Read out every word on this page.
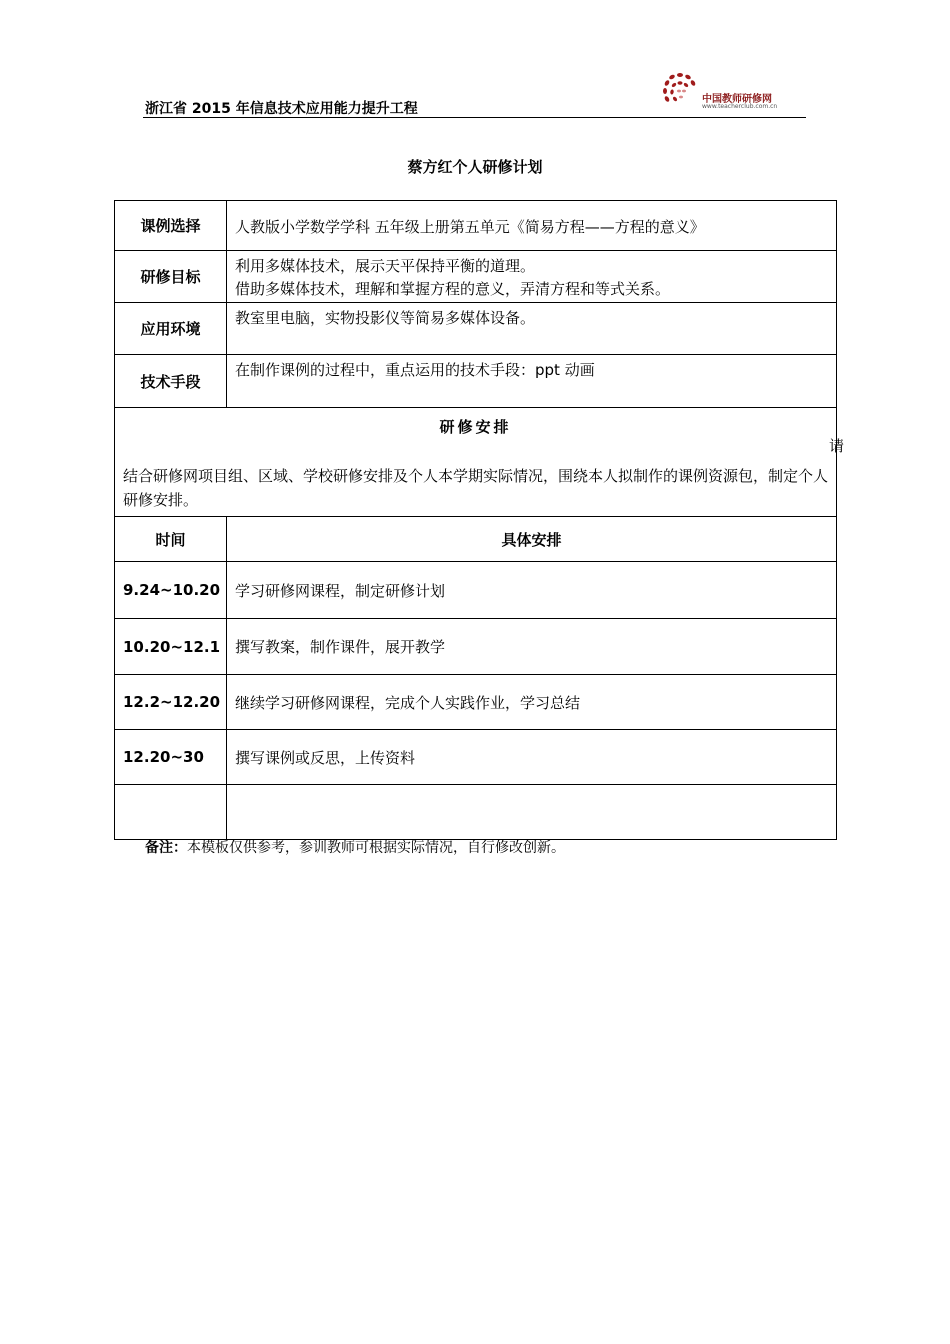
浙江省 2015 年信息技术应用能力提升工程
中国教师研修网
www.teacherclub.com.cn
蔡方红个人研修计划
课例选择	人教版小学数学学科 五年级上册第五单元《简易方程——方程的意义》
研修目标	利用多媒体技术，展示天平保持平衡的道理。
借助多媒体技术，理解和掌握方程的意义，弄清方程和等式关系。

应用环境	教室里电脑，实物投影仪等简易多媒体设备。
技术手段	在制作课例的过程中，重点运用的技术手段：ppt 动画

研修安排
结合研修网项目组、区域、学校研修安排及个人本学期实际情况，围绕本人拟制作的课例资源包，制定个人研修安排。	

时间	具体安排
9.24~10.20	学习研修网课程，制定研修计划
10.20~12.1	撰写教案，制作课件，展开教学
12.2~12.20	继续学习研修网课程，完成个人实践作业，学习总结
12.20~30	撰写课例或反思，上传资料

请
备注：本模板仅供参考，参训教师可根据实际情况，自行修改创新。
